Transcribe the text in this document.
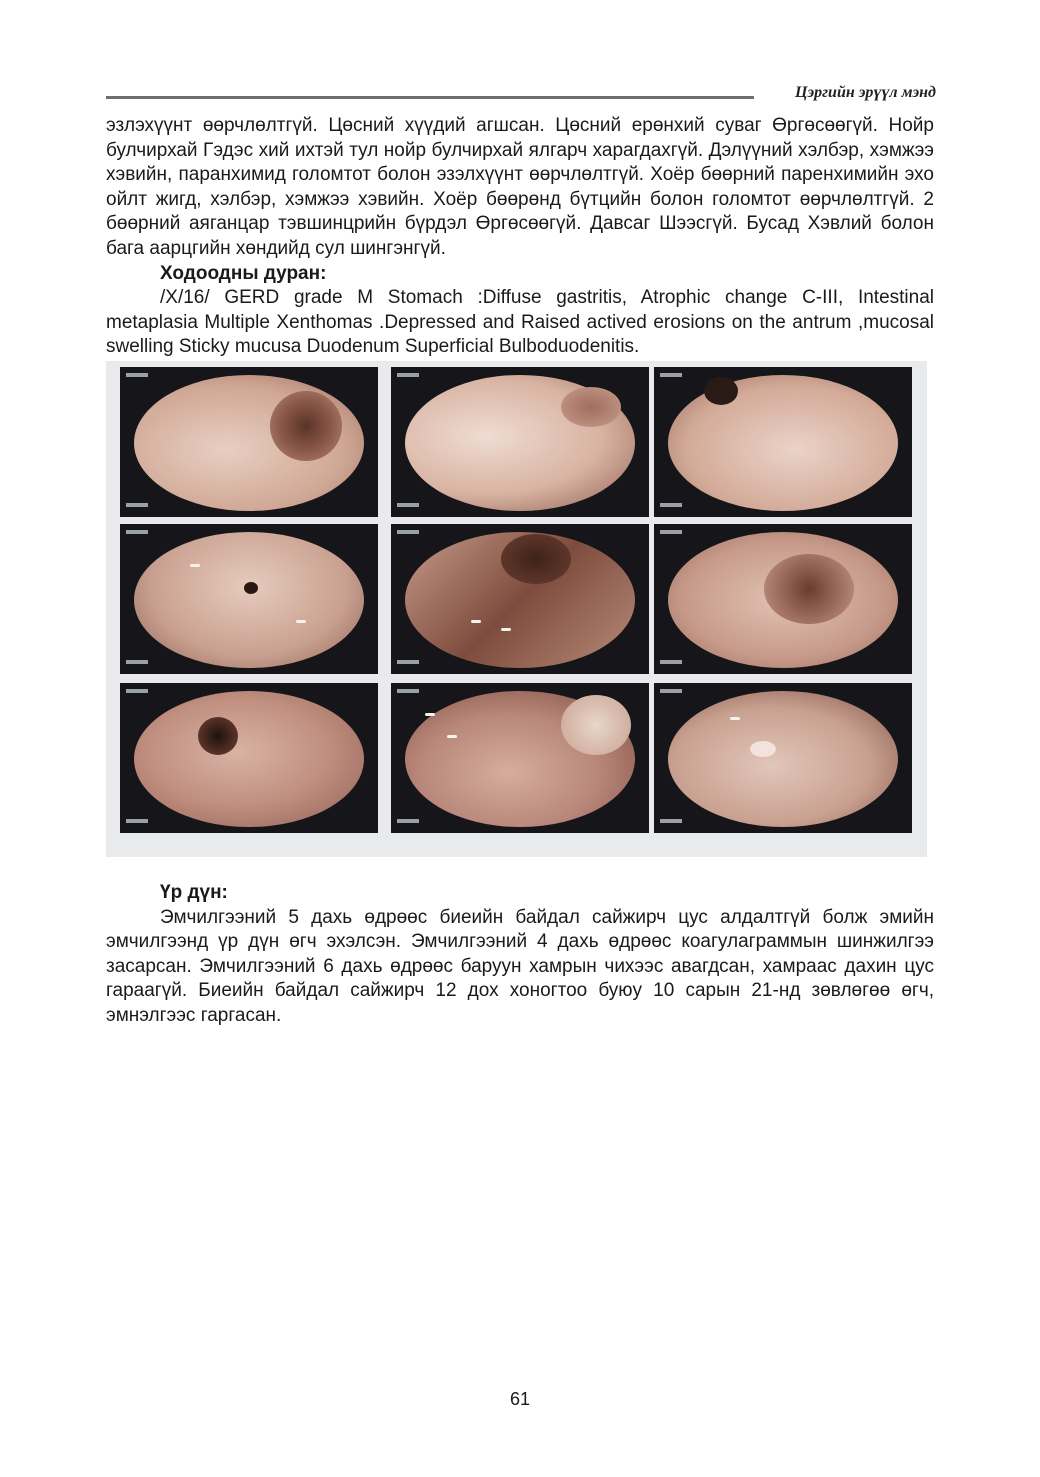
Цэргийн эрүүл мэнд

эзлэхүүнт өөрчлөлтгүй. Цөсний хүүдий агшсан. Цөсний ерөнхий суваг Өргөсөөгүй. Нойр булчирхай Гэдэс хий ихтэй тул нойр булчирхай ялгарч харагдахгүй. Дэлүүний хэлбэр, хэмжээ хэвийн, паранхимид голомтот болон эзэлхүүнт өөрчлөлтгүй. Хоёр бөөрний паренхимийн эхо ойлт жигд, хэлбэр, хэмжээ хэвийн. Хоёр бөөрөнд бүтцийн болон голомтот өөрчлөлтгүй. 2 бөөрний аяганцар тэвшинцрийн бүрдэл Өргөсөөгүй. Давсаг Шээсгүй. Бусад Хэвлий болон бага аарцгийн хөндийд сул шингэнгүй.

Ходоодны дуран:

/X/16/ GERD grade M Stomach :Diffuse gastritis, Atrophic change C-III, Intestinal metaplasia Multiple Xenthomas .Depressed and Raised actived erosions on the antrum ,mucosal swelling Sticky mucusa Duodenum Superficial Bulboduodenitis.

Үр дүн:

Эмчилгээний 5 дахь өдрөөс биеийн байдал сайжирч цус алдалтгүй болж эмийн эмчилгээнд үр дүн өгч эхэлсэн. Эмчилгээний 4 дахь өдрөөс коагулаграммын шинжилгээ засарсан. Эмчилгээний 6 дахь өдрөөс баруун хамрын чихээс авагдсан, хамраас дахин цус гараагүй. Биеийн байдал сайжирч 12 дох хоногтоо буюу 10 сарын 21-нд зөвлөгөө өгч, эмнэлгээс гаргасан.

61
